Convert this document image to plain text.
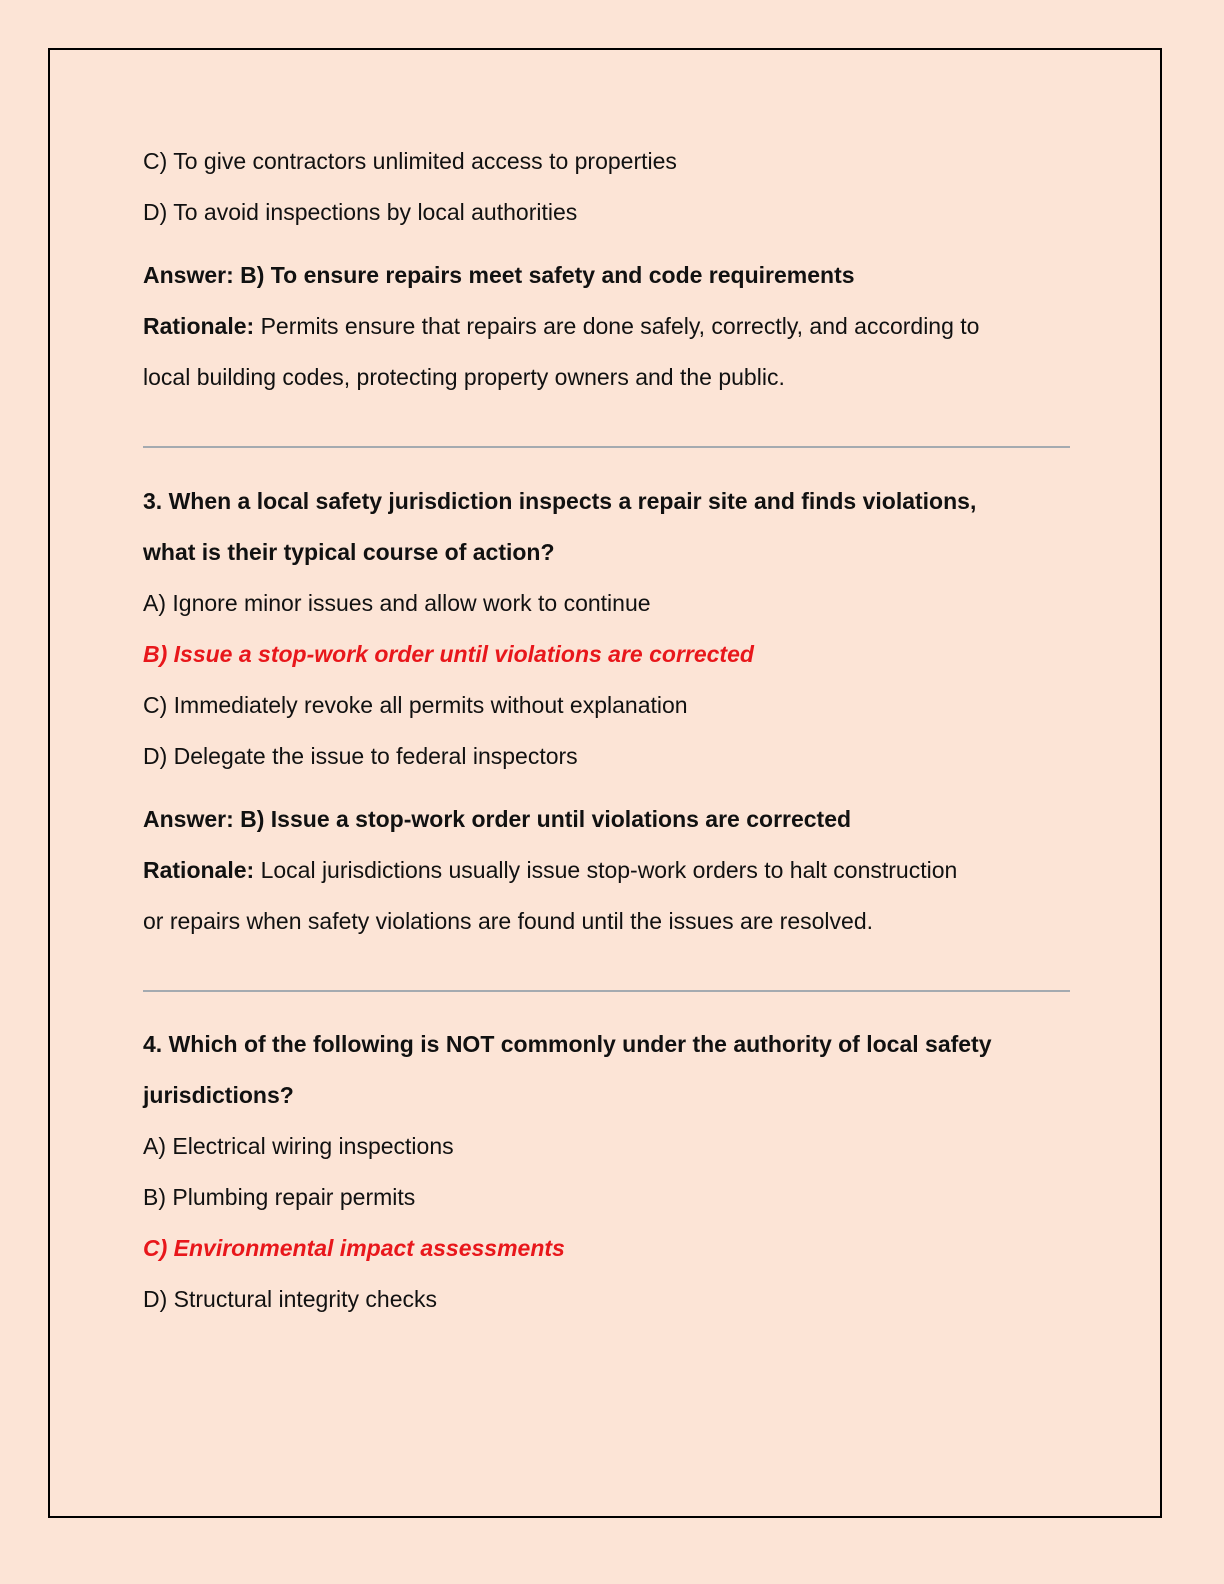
C) To give contractors unlimited access to properties

D) To avoid inspections by local authorities

Answer: B) To ensure repairs meet safety and code requirements

Rationale: Permits ensure that repairs are done safely, correctly, and according to

local building codes, protecting property owners and the public.

3. When a local safety jurisdiction inspects a repair site and finds violations,

what is their typical course of action?

A) Ignore minor issues and allow work to continue

B) Issue a stop-work order until violations are corrected

C) Immediately revoke all permits without explanation

D) Delegate the issue to federal inspectors

Answer: B) Issue a stop-work order until violations are corrected

Rationale: Local jurisdictions usually issue stop-work orders to halt construction

or repairs when safety violations are found until the issues are resolved.

4. Which of the following is NOT commonly under the authority of local safety

jurisdictions?

A) Electrical wiring inspections

B) Plumbing repair permits

C) Environmental impact assessments

D) Structural integrity checks
